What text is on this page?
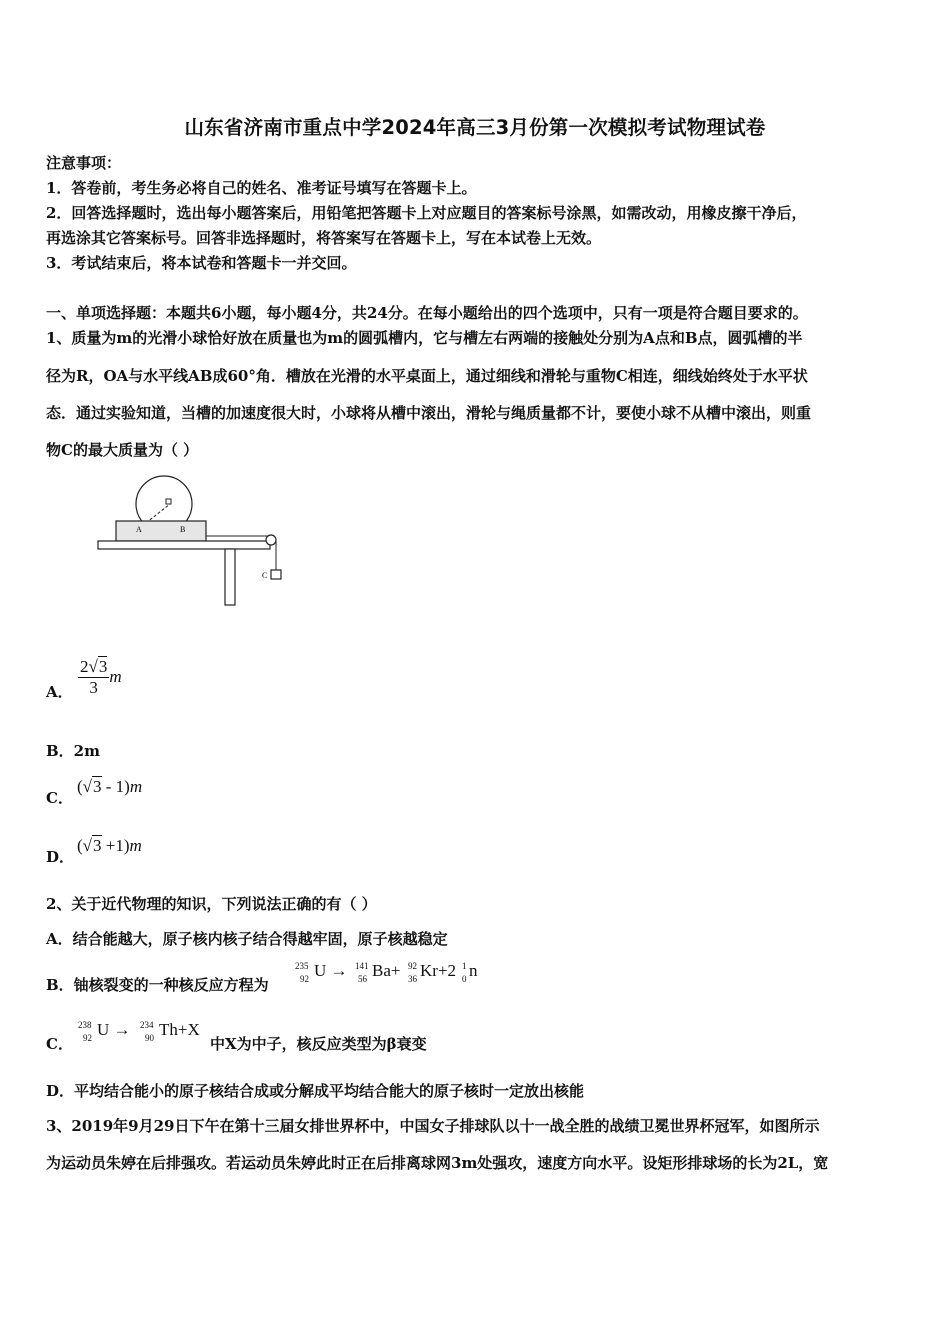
山东省济南市重点中学2024年高三3月份第一次模拟考试物理试卷
注意事项：
1．答卷前，考生务必将自己的姓名、准考证号填写在答题卡上。
2．回答选择题时，选出每小题答案后，用铅笔把答题卡上对应题目的答案标号涂黑，如需改动，用橡皮擦干净后，
再选涂其它答案标号。回答非选择题时，将答案写在答题卡上，写在本试卷上无效。
3．考试结束后，将本试卷和答题卡一并交回。
一、单项选择题：本题共6小题，每小题4分，共24分。在每小题给出的四个选项中，只有一项是符合题目要求的。
1、质量为m的光滑小球恰好放在质量也为m的圆弧槽内，它与槽左右两端的接触处分别为A点和B点，圆弧槽的半
径为R，OA与水平线AB成60°角．槽放在光滑的水平桌面上，通过细线和滑轮与重物C相连，细线始终处于水平状
态．通过实验知道，当槽的加速度很大时，小球将从槽中滚出，滑轮与绳质量都不计，要使小球不从槽中滚出，则重
物C的最大质量为（ ）
A	B
C
A． $\frac{2√3}{3}$ m
B．2m
C．
(√3 - 1)m
D．
(√3 +1)m
2、关于近代物理的知识，下列说法正确的有（ ）
A．结合能越大，原子核内核子结合得越牢固，原子核越稳定
B．铀核裂变的一种核反应方程为
235
92 U → 141
56 Ba+ 92
36 Kr+2 1
0 n
C．
238
92 U → 234
90 Th+X
中X为中子，核反应类型为β衰变
D．平均结合能小的原子核结合成或分解成平均结合能大的原子核时一定放出核能
3、2019年9月29日下午在第十三届女排世界杯中，中国女子排球队以十一战全胜的战绩卫冕世界杯冠军，如图所示
为运动员朱婷在后排强攻。若运动员朱婷此时正在后排离球网3m处强攻，速度方向水平。设矩形排球场的长为2L，宽
